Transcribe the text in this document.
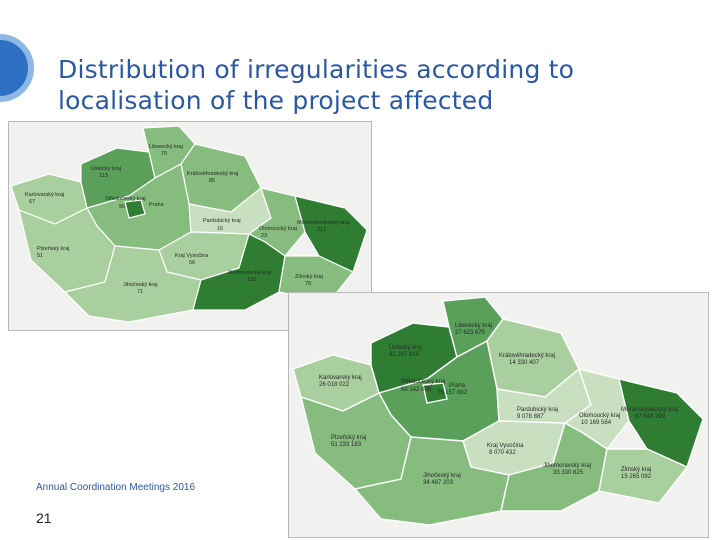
Distribution of irregularities according to
localisation of the project affected
Liberecký kraj
70
Ústecký kraj
113	Královéhradecký kraj
85
Karlovarský kraj
67	Středočeský kraj
56	Praha
Pardubický kraj
16
Moravskoslezský kraj
212
Olomoucký kraj
23
Plzeňský kraj
51	Kraj Vysočina
56
Jihomoravský kraj
125	Zlínský kraj
79
Jihočeský kraj
71
Liberecký kraj
27 623 675
Ústecký kraj
92 237 915	Královéhradecký kraj
14 330 407
Karlovarský kraj
26 018 022	Středočeský kraj
68 142 006
Praha
75 157 882
Pardubický kraj
9 078 887
Moravskoslezský kraj
97 543 299
Olomoucký kraj
10 169 584
Plzeňský kraj
51 233 183	Kraj Vysočina
8 070 432
Jihomoravský kraj
33 330 825	Zlínský kraj
15 265 092
Jihočeský kraj
34 487 203
Annual Coordination Meetings 2016
21
